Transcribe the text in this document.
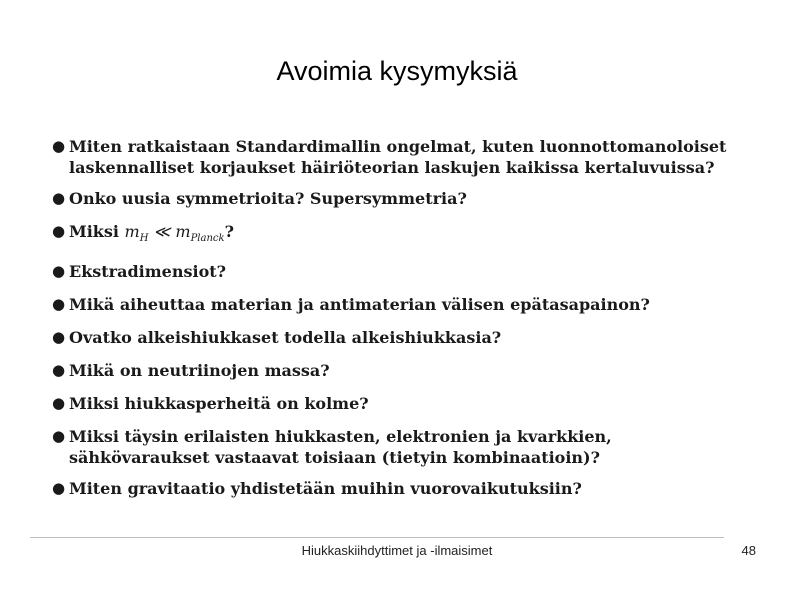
Avoimia kysymyksiä
● Miten ratkaistaan Standardimallin ongelmat, kuten luonnottomanoloiset laskennalliset korjaukset häiriöteorian laskujen kaikissa kertaluvuissa?
● Onko uusia symmetrioita? Supersymmetria?
● Miksi $m_H$ ≪ $m_{Planck}$?
● Ekstradimensiot?
● Mikä aiheuttaa materian ja antimaterian välisen epätasapainon?
● Ovatko alkeishiukkaset todella alkeishiukkasia?
● Mikä on neutriinojen massa?
● Miksi hiukkasperheitä on kolme?
● Miksi täysin erilaisten hiukkasten, elektronien ja kvarkkien, sähkövaraukset vastaavat toisiaan (tietyin kombinaatioin)?
● Miten gravitaatio yhdistetään muihin vuorovaikutuksiin?
Hiukkaskiihdyttimet ja -ilmaisimet	48
